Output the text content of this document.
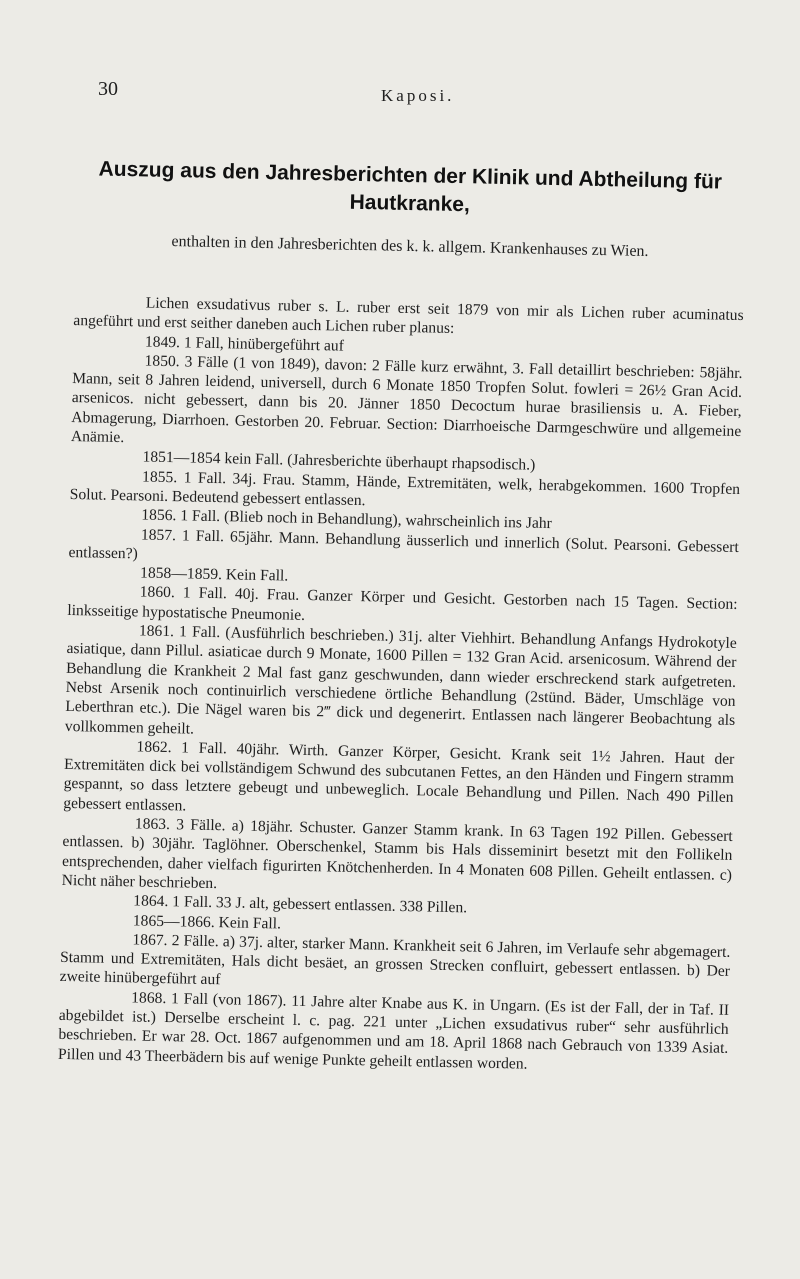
30	Kaposi.
Auszug aus den Jahresberichten der Klinik und Abtheilung für Hautkranke,
enthalten in den Jahresberichten des k. k. allgem. Krankenhauses zu Wien.

Lichen exsudativus ruber s. L. ruber erst seit 1879 von mir als Lichen ruber acuminatus angeführt und erst seither daneben auch Lichen ruber planus:

1849. 1 Fall, hinübergeführt auf

1850. 3 Fälle (1 von 1849), davon: 2 Fälle kurz erwähnt, 3. Fall detaillirt beschrieben: 58jähr. Mann, seit 8 Jahren leidend, universell, durch 6 Monate 1850 Tropfen Solut. fowleri = 26½ Gran Acid. arsenicos. nicht gebessert, dann bis 20. Jänner 1850 Decoctum hurae brasiliensis u. A. Fieber, Abmagerung, Diarrhoen. Gestorben 20. Februar. Section: Diarrhoeische Darmgeschwüre und allgemeine Anämie.

1851—1854 kein Fall. (Jahresberichte überhaupt rhapsodisch.)

1855. 1 Fall. 34j. Frau. Stamm, Hände, Extremitäten, welk, herabgekommen. 1600 Tropfen Solut. Pearsoni. Bedeutend gebessert entlassen.

1856. 1 Fall. (Blieb noch in Behandlung), wahrscheinlich ins Jahr

1857. 1 Fall. 65jähr. Mann. Behandlung äusserlich und innerlich (Solut. Pearsoni. Gebessert entlassen?)

1858—1859. Kein Fall.

1860. 1 Fall. 40j. Frau. Ganzer Körper und Gesicht. Gestorben nach 15 Tagen. Section: linksseitige hypostatische Pneumonie.

1861. 1 Fall. (Ausführlich beschrieben.) 31j. alter Viehhirt. Behandlung Anfangs Hydrokotyle asiatique, dann Pillul. asiaticae durch 9 Monate, 1600 Pillen = 132 Gran Acid. arsenicosum. Während der Behandlung die Krankheit 2 Mal fast ganz geschwunden, dann wieder erschreckend stark aufgetreten. Nebst Arsenik noch continuirlich verschiedene örtliche Behandlung (2stünd. Bäder, Umschläge von Leberthran etc.). Die Nägel waren bis 2‴ dick und degenerirt. Entlassen nach längerer Beobachtung als vollkommen geheilt.

1862. 1 Fall. 40jähr. Wirth. Ganzer Körper, Gesicht. Krank seit 1½ Jahren. Haut der Extremitäten dick bei vollständigem Schwund des subcutanen Fettes, an den Händen und Fingern stramm gespannt, so dass letztere gebeugt und unbeweglich. Locale Behandlung und Pillen. Nach 490 Pillen gebessert entlassen.

1863. 3 Fälle. a) 18jähr. Schuster. Ganzer Stamm krank. In 63 Tagen 192 Pillen. Gebessert entlassen. b) 30jähr. Taglöhner. Oberschenkel, Stamm bis Hals disseminirt besetzt mit den Follikeln entsprechenden, daher vielfach figurirten Knötchenherden. In 4 Monaten 608 Pillen. Geheilt entlassen. c) Nicht näher beschrieben.

1864. 1 Fall. 33 J. alt, gebessert entlassen. 338 Pillen.

1865—1866. Kein Fall.

1867. 2 Fälle. a) 37j. alter, starker Mann. Krankheit seit 6 Jahren, im Verlaufe sehr abgemagert. Stamm und Extremitäten, Hals dicht besäet, an grossen Strecken confluirt, gebessert entlassen. b) Der zweite hinübergeführt auf

1868. 1 Fall (von 1867). 11 Jahre alter Knabe aus K. in Ungarn. (Es ist der Fall, der in Taf. II abgebildet ist.) Derselbe erscheint l. c. pag. 221 unter „Lichen exsudativus ruber“ sehr ausführlich beschrieben. Er war 28. Oct. 1867 aufgenommen und am 18. April 1868 nach Gebrauch von 1339 Asiat. Pillen und 43 Theerbädern bis auf wenige Punkte geheilt entlassen worden.
